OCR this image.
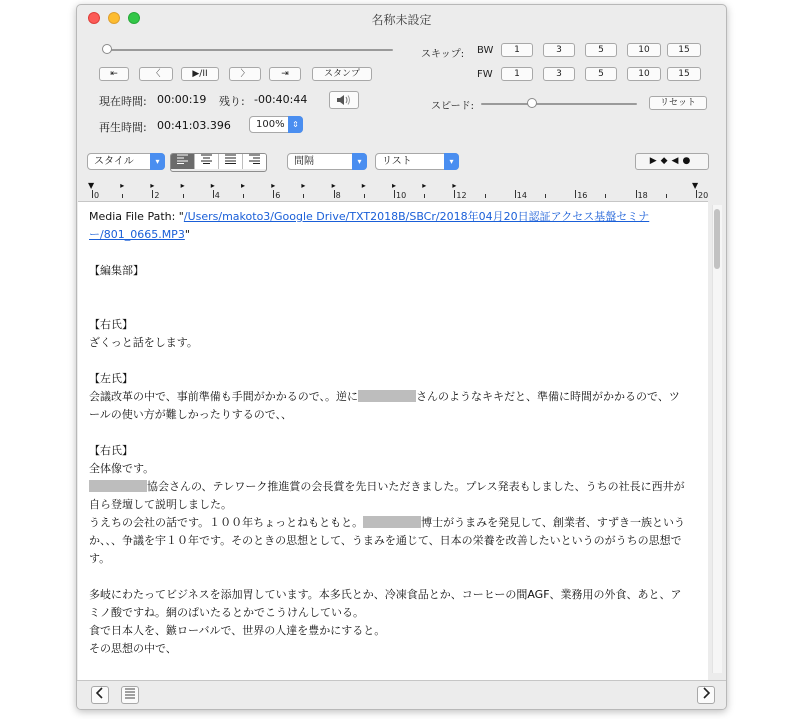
名称未設定
⇤	〈	▶/II	〉	⇥	スタンプ
現在時間: 00:00:19 残り: -00:40:44
再生時間: 00:41:03.396	100% ⇕
スキップ: BW
FW
1	3	5	10	15
1	3	5	10	15
スピード:	リセット
スタイル	▾	間隔	▾	リスト	▾	▶◆◀●
0	2	4	6	8	10	12	14	16	18	20
▸	▸	▸	▸	▸	▸	▸	▸	▸	▸	▸	▸
▼	▼

Media File Path: "/Users/makoto3/Google Drive/TXT2018B/SBCr/2018年04月20日認証アクセス基盤セミナー/801_0665.MP3"

【編集部】

【右氏】

ざくっと話をします。

【左氏】

会議改革の中で、事前準備も手間がかかるので、。逆に	さんのようなキキだと、準備に時間がかかるので、ツールの使い方が難しかったりするので、、

【右氏】

全体像です。

協会さんの、テレワーク推進賞の会長賞を先日いただきました。プレス発表もしました、うちの社長に西井が自ら登壇して説明しました。

うえちの会社の話です。１００年ちょっとねもともと。	博士がうまみを発見して、創業者、すずき一族というか、、、争議を宇１０年です。そのときの思想として、うまみを通じて、日本の栄養を改善したいというのがうちの思想です。

多岐にわたってビジネスを添加胃しています。本多氏とか、冷凍食品とか、コーヒーの間AGF、業務用の外食、あと、アミノ酸ですね。網のぱいたるとかでこうけんしている。

食で日本人を、鏃ローバルで、世界の人達を豊かにすると。

その思想の中で、
